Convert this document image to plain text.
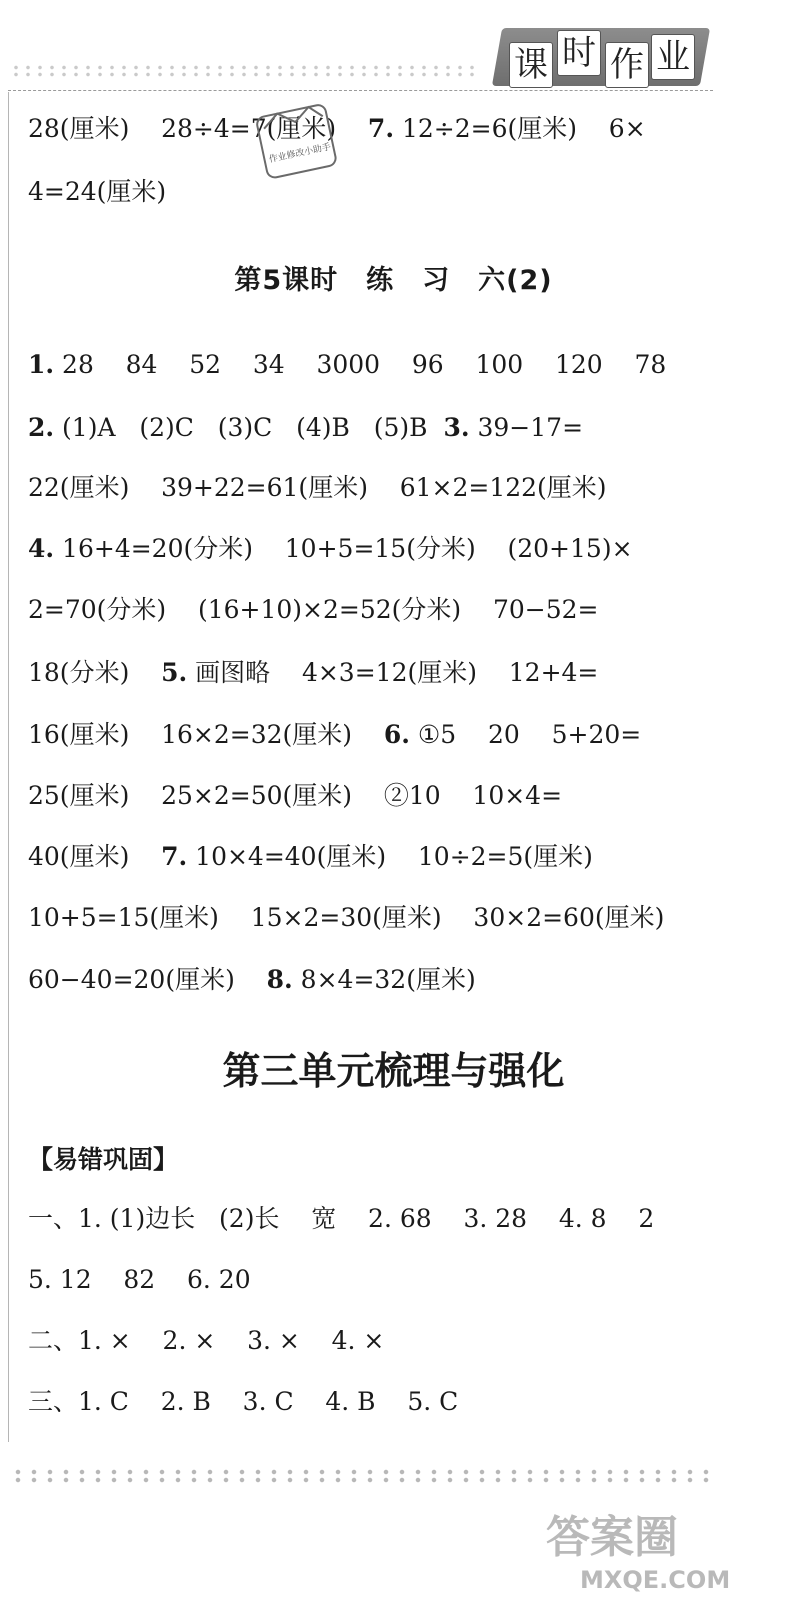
课 时 作 业
28(厘米)    28÷4=7(厘米)    7. 12÷2=6(厘米)    6×
4=24(厘米)
作业修改小助手
第5课时　练　习　六(2)
1. 28    84    52    34    3000    96    100    120    78
2. (1)A   (2)C   (3)C   (4)B   (5)B  3. 39−17=
22(厘米)    39+22=61(厘米)    61×2=122(厘米)
4. 16+4=20(分米)    10+5=15(分米)    (20+15)×
2=70(分米)    (16+10)×2=52(分米)    70−52=
18(分米)    5. 画图略    4×3=12(厘米)    12+4=
16(厘米)    16×2=32(厘米)    6. ①5    20    5+20=
25(厘米)    25×2=50(厘米)    ②10    10×4=
40(厘米)    7. 10×4=40(厘米)    10÷2=5(厘米)
10+5=15(厘米)    15×2=30(厘米)    30×2=60(厘米)
60−40=20(厘米)    8. 8×4=32(厘米)
第三单元梳理与强化
【易错巩固】
一、1. (1)边长   (2)长    宽    2. 68    3. 28    4. 8    2
5. 12    82    6. 20
二、1. ×    2. ×    3. ×    4. ×
三、1. C    2. B    3. C    4. B    5. C
答案圈
MXQE.COM
